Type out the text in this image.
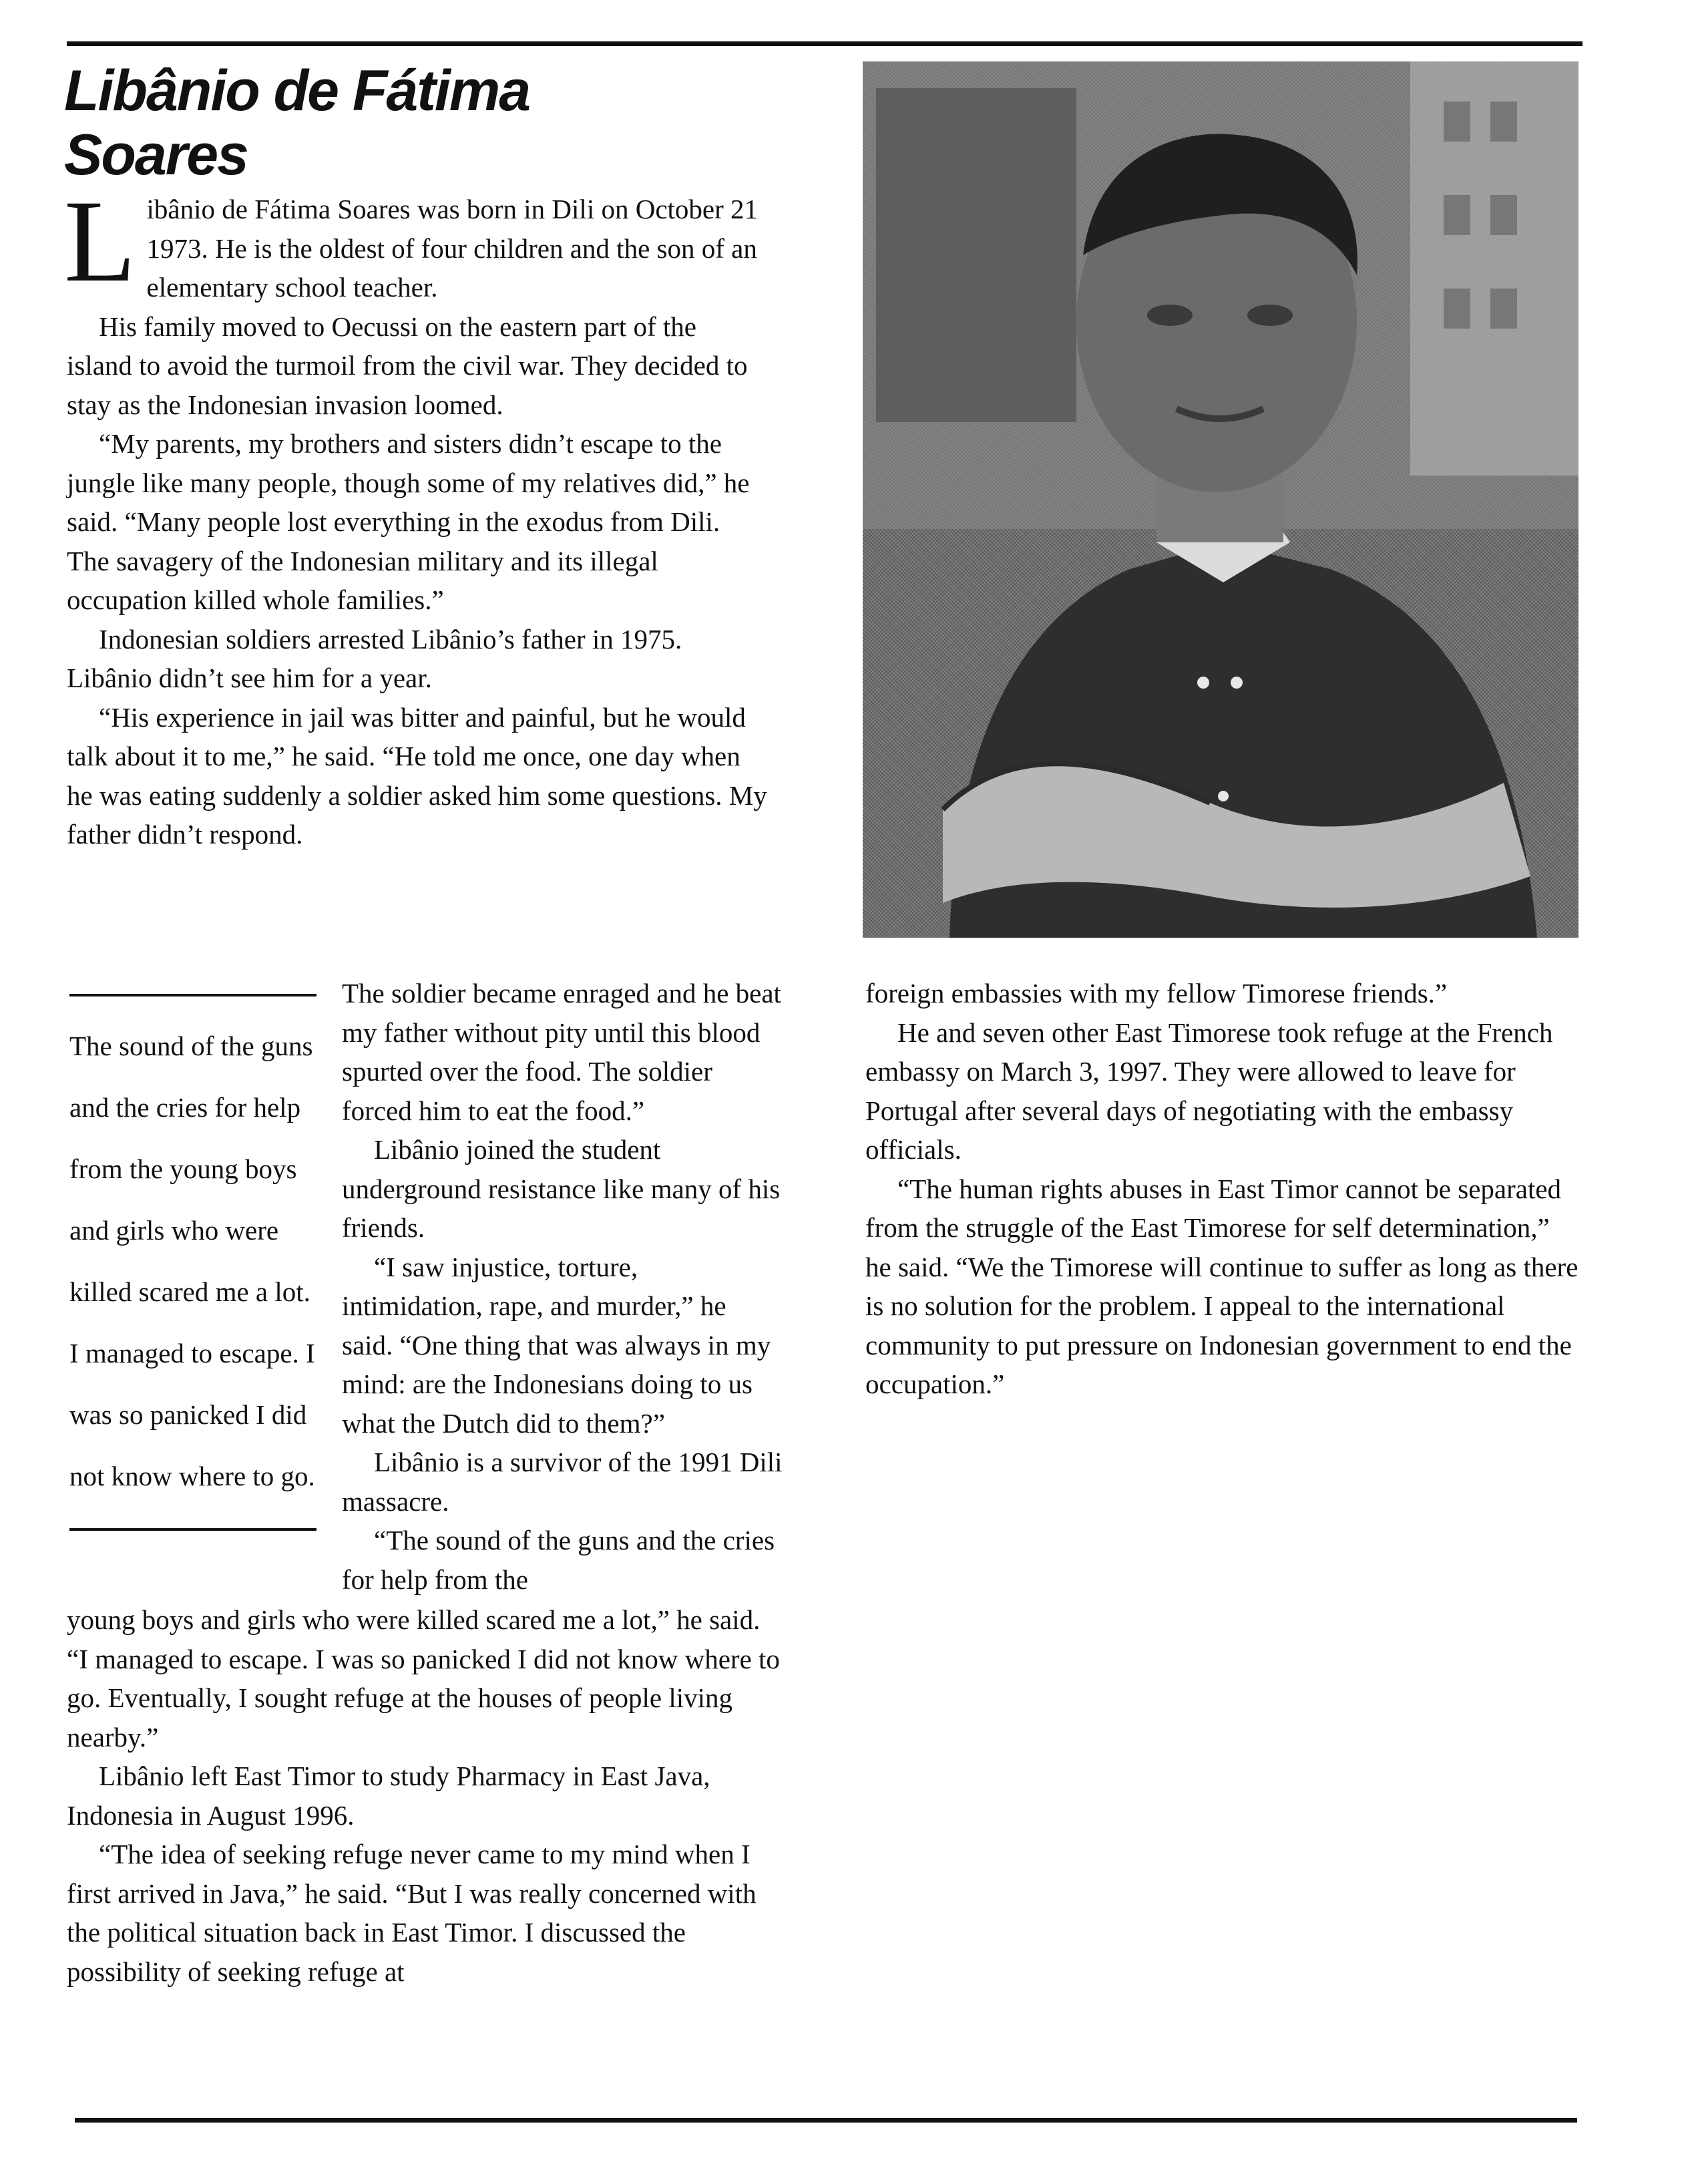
Libânio de Fátima
Soares

Libânio de Fátima Soares was born in Dili on October 21 1973. He is the oldest of four children and the son of an elementary school teacher.

His family moved to Oecussi on the eastern part of the island to avoid the turmoil from the civil war. They decided to stay as the Indonesian invasion loomed.

“My parents, my brothers and sisters didn’t escape to the jungle like many people, though some of my relatives did,” he said. “Many people lost everything in the exodus from Dili. The savagery of the Indonesian military and its illegal occupation killed whole families.”

Indonesian soldiers arrested Libânio’s father in 1975. Libânio didn’t see him for a year.

“His experience in jail was bitter and painful, but he would talk about it to me,” he said. “He told me once, one day when he was eating suddenly a soldier asked him some questions. My father didn’t respond.

The sound of the guns and the cries for help from the young boys and girls who were killed scared me a lot. I managed to escape. I was so panicked I did not know where to go.

The soldier became enraged and he beat my father without pity until this blood spurted over the food. The soldier forced him to eat the food.”

Libânio joined the student underground resistance like many of his friends.

“I saw injustice, torture, intimidation, rape, and murder,” he said. “One thing that was always in my mind: are the Indonesians doing to us what the Dutch did to them?”

Libânio is a survivor of the 1991 Dili massacre.

“The sound of the guns and the cries for help from the

young boys and girls who were killed scared me a lot,” he said. “I managed to escape. I was so panicked I did not know where to go. Eventually, I sought refuge at the houses of people living nearby.”

Libânio left East Timor to study Pharmacy in East Java, Indonesia in August 1996.

“The idea of seeking refuge never came to my mind when I first arrived in Java,” he said. “But I was really concerned with the political situation back in East Timor. I discussed the possibility of seeking refuge at

foreign embassies with my fellow Timorese friends.”

He and seven other East Timorese took refuge at the French embassy on March 3, 1997. They were allowed to leave for Portugal after several days of negotiating with the embassy officials.

“The human rights abuses in East Timor cannot be separated from the struggle of the East Timorese for self determination,” he said. “We the Timorese will continue to suffer as long as there is no solution for the problem. I appeal to the international community to put pressure on Indonesian government to end the occupation.”
